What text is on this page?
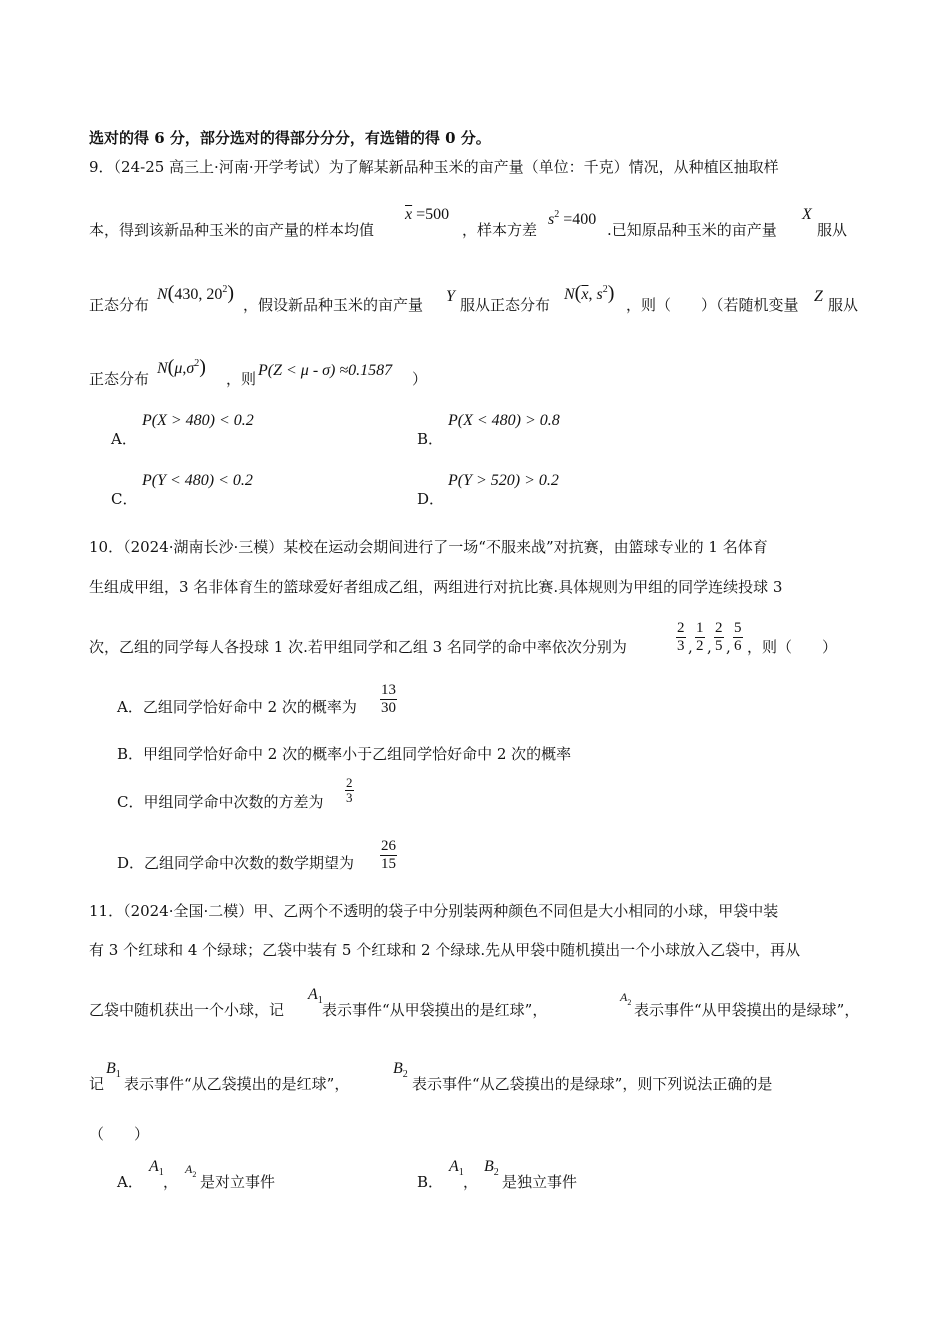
选对的得 6 分，部分选对的得部分分分，有选错的得 0 分。
9．（24-25 高三上·河南·开学考试）为了解某新品种玉米的亩产量（单位：千克）情况，从种植区抽取样
本，得到该新品种玉米的亩产量的样本均值
$\overline{x} =500$
，样本方差
$s^2 =400$
.已知原品种玉米的亩产量
X
服从
正态分布
N(430, $20^2$)
，假设新品种玉米的亩产量 Y 服从正态分布
$N(\overline{x}$, $s^2$)
，则（　　）（若随机变量 Z 服从
正态分布
$N(\mu,\sigma^2)$
，则 P(Z < μ - σ) ≈0.1587 ）
A．
P(X > 480) < 0.2
B．
P(X < 480) > 0.8
C．
P(Y < 480) < 0.2
D．
P(Y > 520) > 0.2
10．（2024·湖南长沙·三模）某校在运动会期间进行了一场“不服来战”对抗赛，由篮球专业的 1 名体育
生组成甲组，3 名非体育生的篮球爱好者组成乙组，两组进行对抗比赛.具体规则为甲组的同学连续投球 3
次，乙组的同学每人各投球 1 次.若甲组同学和乙组 3 名同学的命中率依次分别为	$\frac{2}{3}$ , $\frac{1}{2}$ , $\frac{2}{5}$ , $\frac{5}{6}$ ，则（　　）
A．乙组同学恰好命中 2 次的概率为 $\frac{13}{30}$
B．甲组同学恰好命中 2 次的概率小于乙组同学恰好命中 2 次的概率
C．甲组同学命中次数的方差为 $\frac{2}{3}$
D．乙组同学命中次数的数学期望为 $\frac{26}{15}$
11．（2024·全国·二模）甲、乙两个不透明的袋子中分别装两种颜色不同但是大小相同的小球，甲袋中装
有 3 个红球和 4 个绿球；乙袋中装有 5 个红球和 2 个绿球.先从甲袋中随机摸出一个小球放入乙袋中，再从
乙袋中随机获出一个小球，记
$A_1$
表示事件“从甲袋摸出的是红球”，
$A_2$ 表示事件“从甲袋摸出的是绿球”，
记
$B_1$
表示事件“从乙袋摸出的是红球”，
$B_2$
表示事件“从乙袋摸出的是绿球”，则下列说法正确的是
（　　）
A．
$A_1$
，
$A_2$ 是对立事件	B．
$A_1$
，
$B_2$
是独立事件
